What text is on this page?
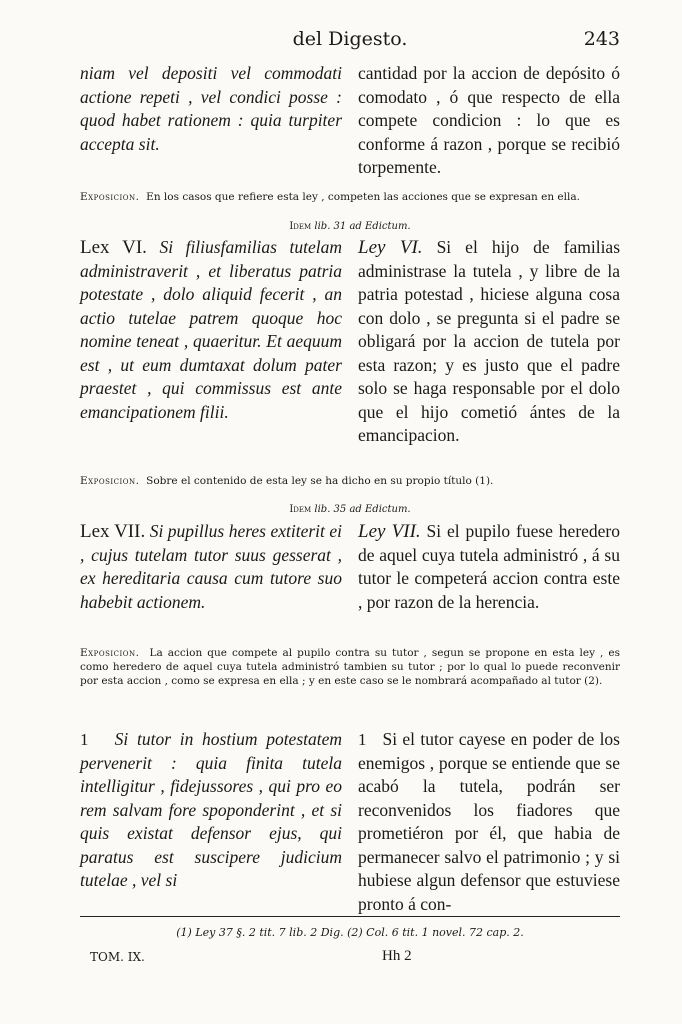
del Digesto.	243
niam vel depositi vel commodati actione repeti , vel condici posse : quod habet rationem : quia turpiter accepta sit.
cantidad por la accion de depósito ó comodato , ó que respecto de ella compete condicion : lo que es conforme á razon , porque se recibió torpemente.
Exposicion. En los casos que refiere esta ley , competen las acciones que se expresan en ella.
Idem lib. 31 ad Edictum.
Lex VI. Si filiusfamilias tutelam administraverit , et liberatus patria potestate , dolo aliquid fecerit , an actio tutelae patrem quoque hoc nomine teneat , quaeritur. Et aequum est , ut eum dumtaxat dolum pater praestet , qui commissus est ante emancipationem filii.
Ley VI. Si el hijo de familias administrase la tutela , y libre de la patria potestad , hiciese alguna cosa con dolo , se pregunta si el padre se obligará por la accion de tutela por esta razon; y es justo que el padre solo se haga responsable por el dolo que el hijo cometió ántes de la emancipacion.
Exposicion. Sobre el contenido de esta ley se ha dicho en su propio título (1).
Idem lib. 35 ad Edictum.
Lex VII. Si pupillus heres extiterit ei , cujus tutelam tutor suus gesserat , ex hereditaria causa cum tutore suo habebit actionem.
Ley VII. Si el pupilo fuese heredero de aquel cuya tutela administró , á su tutor le competerá accion contra este , por razon de la herencia.
Exposicion. La accion que compete al pupilo contra su tutor , segun se propone en esta ley , es como heredero de aquel cuya tutela administró tambien su tutor ; por lo qual lo puede reconvenir por esta accion , como se expresa en ella ; y en este caso se le nombrará acompañado al tutor (2).
1 Si tutor in hostium potestatem pervenerit : quia finita tutela intelligitur , fidejussores , qui pro eo rem salvam fore spoponderint , et si quis existat defensor ejus, qui paratus est suscipere judicium tutelae , vel si
1 Si el tutor cayese en poder de los enemigos , porque se entiende que se acabó la tutela, podrán ser reconvenidos los fiadores que prometiéron por él, que habia de permanecer salvo el patrimonio ; y si hubiese algun defensor que estuviese pronto á con-
(1) Ley 37 §. 2 tit. 7 lib. 2 Dig. (2) Col. 6 tit. 1 novel. 72 cap. 2.
TOM. IX.	Hh 2
